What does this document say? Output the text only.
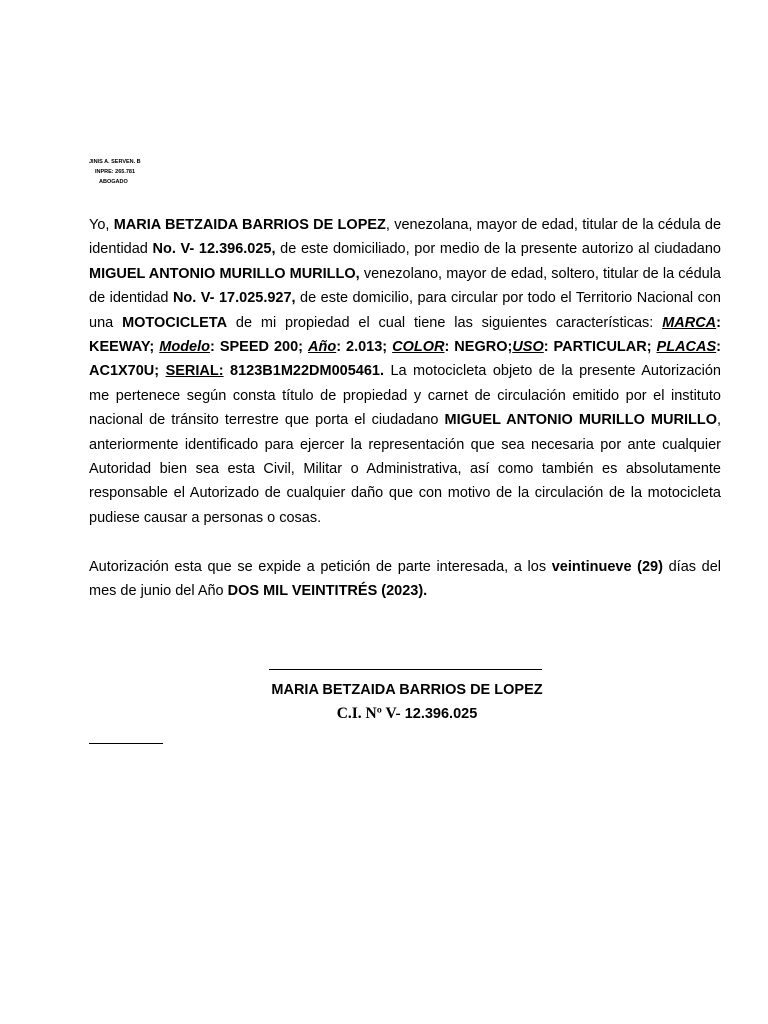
JINIS A. SERVEN. B
INPRE: 265.781
ABOGADO

Yo, MARIA BETZAIDA BARRIOS DE LOPEZ, venezolana, mayor de edad, titular de la cédula de identidad No. V- 12.396.025, de este domiciliado, por medio de la presente autorizo al ciudadano MIGUEL ANTONIO MURILLO MURILLO, venezolano, mayor de edad, soltero, titular de la cédula de identidad No. V- 17.025.927, de este domicilio, para circular por todo el Territorio Nacional con una MOTOCICLETA de mi propiedad el cual tiene las siguientes características: MARCA: KEEWAY; Modelo: SPEED 200; Año: 2.013; COLOR: NEGRO;USO: PARTICULAR; PLACAS: AC1X70U; SERIAL: 8123B1M22DM005461. La motocicleta objeto de la presente Autorización me pertenece según consta título de propiedad y carnet de circulación emitido por el instituto nacional de tránsito terrestre que porta el ciudadano MIGUEL ANTONIO MURILLO MURILLO, anteriormente identificado para ejercer la representación que sea necesaria por ante cualquier Autoridad bien sea esta Civil, Militar o Administrativa, así como también es absolutamente responsable el Autorizado de cualquier daño que con motivo de la circulación de la motocicleta pudiese causar a personas o cosas.

Autorización esta que se expide a petición de parte interesada, a los veintinueve (29) días del mes de junio del Año DOS MIL VEINTITRÉS (2023).

MARIA BETZAIDA BARRIOS DE LOPEZ
C.I. Nº V- 12.396.025
